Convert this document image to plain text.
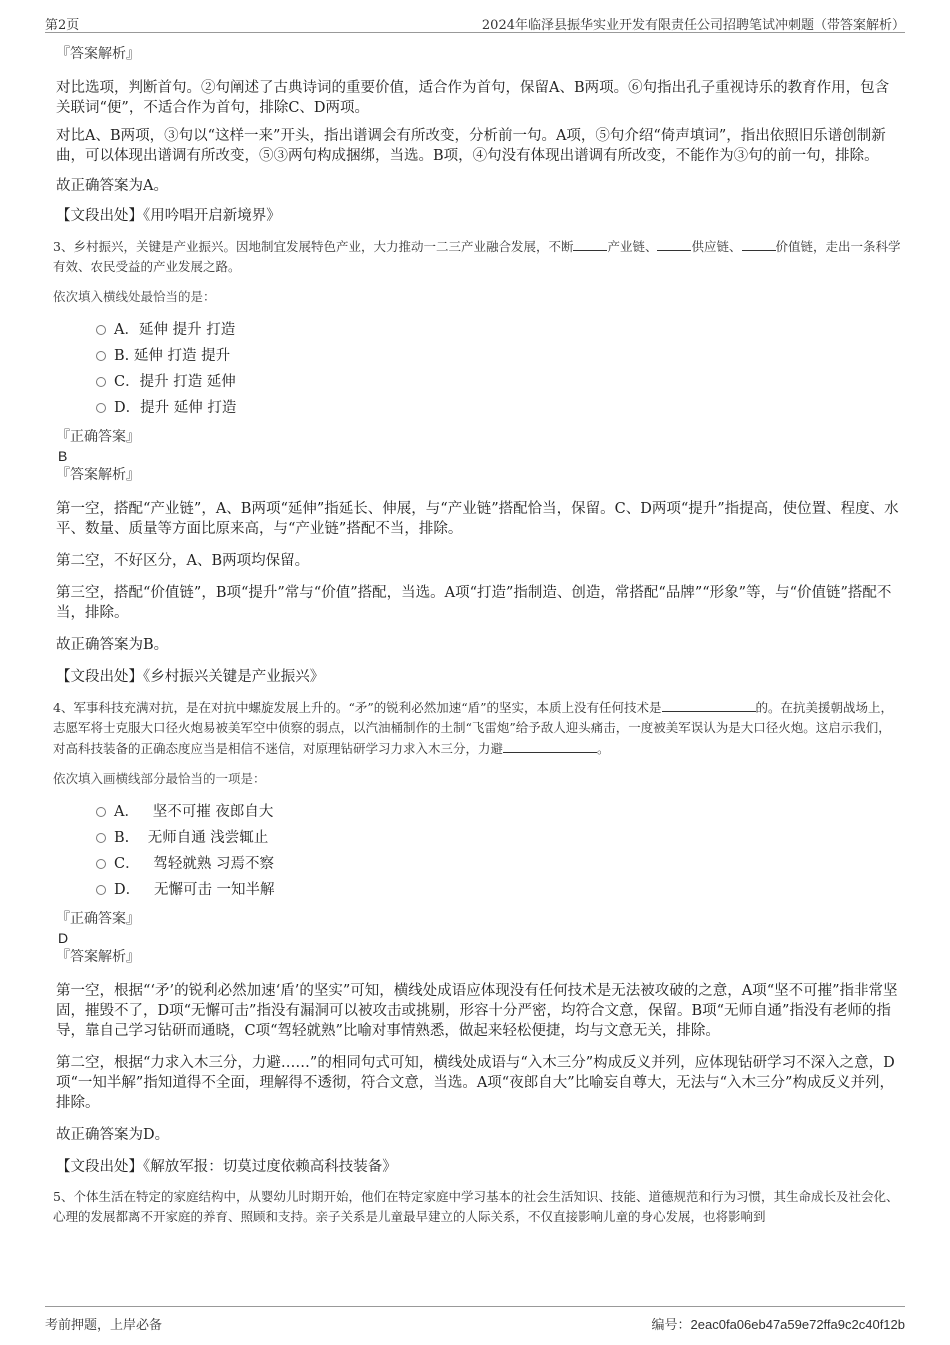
第2页	2024年临泽县振华实业开发有限责任公司招聘笔试冲刺题（带答案解析）

『答案解析』

对比选项，判断首句。②句阐述了古典诗词的重要价值，适合作为首句，保留A、B两项。⑥句指出孔子重视诗乐的教育作用，包含关联词“便”，不适合作为首句，排除C、D两项。

对比A、B两项，③句以“这样一来”开头，指出谱调会有所改变，分析前一句。A项，⑤句介绍“倚声填词”，指出依照旧乐谱创制新曲，可以体现出谱调有所改变，⑤③两句构成捆绑，当选。B项，④句没有体现出谱调有所改变，不能作为③句的前一句，排除。

故正确答案为A。

【文段出处】《用吟唱开启新境界》

3、乡村振兴，关键是产业振兴。因地制宜发展特色产业，大力推动一二三产业融合发展，不断	产业链、	供应链、	价值链，走出一条科学有效、农民受益的产业发展之路。

依次填入横线处最恰当的是：

A．延伸 提升 打造
B. 延伸 打造 提升
C．提升 打造 延伸
D．提升 延伸 打造

『正确答案』

B

『答案解析』

第一空，搭配“产业链”，A、B两项“延伸”指延长、伸展，与“产业链”搭配恰当，保留。C、D两项“提升”指提高，使位置、程度、水平、数量、质量等方面比原来高，与“产业链”搭配不当，排除。

第二空，不好区分，A、B两项均保留。

第三空，搭配“价值链”，B项“提升”常与“价值”搭配，当选。A项“打造”指制造、创造，常搭配“品牌”“形象”等，与“价值链”搭配不当，排除。

故正确答案为B。

【文段出处】《乡村振兴关键是产业振兴》

4、军事科技充满对抗，是在对抗中螺旋发展上升的。“矛”的锐利必然加速“盾”的坚实，本质上没有任何技术是	的。在抗美援朝战场上，志愿军将士克服大口径火炮易被美军空中侦察的弱点，以汽油桶制作的土制“飞雷炮”给予敌人迎头痛击，一度被美军误认为是大口径火炮。这启示我们，对高科技装备的正确态度应当是相信不迷信，对原理钻研学习力求入木三分，力避	。

依次填入画横线部分最恰当的一项是：

A．   坚不可摧 夜郎自大
B.    无师自通 浅尝辄止
C．   驾轻就熟 习焉不察
D．   无懈可击 一知半解

『正确答案』

D

『答案解析』

第一空，根据“‘矛’的锐利必然加速‘盾’的坚实”可知，横线处成语应体现没有任何技术是无法被攻破的之意，A项“坚不可摧”指非常坚固，摧毁不了，D项“无懈可击”指没有漏洞可以被攻击或挑剔，形容十分严密，均符合文意，保留。B项“无师自通”指没有老师的指导，靠自己学习钻研而通晓，C项“驾轻就熟”比喻对事情熟悉，做起来轻松便捷，均与文意无关，排除。

第二空，根据“力求入木三分，力避……”的相同句式可知，横线处成语与“入木三分”构成反义并列，应体现钻研学习不深入之意，D项“一知半解”指知道得不全面，理解得不透彻，符合文意，当选。A项“夜郎自大”比喻妄自尊大，无法与“入木三分”构成反义并列，排除。

故正确答案为D。

【文段出处】《解放军报：切莫过度依赖高科技装备》

5、个体生活在特定的家庭结构中，从婴幼儿时期开始，他们在特定家庭中学习基本的社会生活知识、技能、道德规范和行为习惯，其生命成长及社会化、心理的发展都离不开家庭的养育、照顾和支持。亲子关系是儿童最早建立的人际关系，不仅直接影响儿童的身心发展，也将影响到

考前押题，上岸必备	编号：2eac0fa06eb47a59e72ffa9c2c40f12b
